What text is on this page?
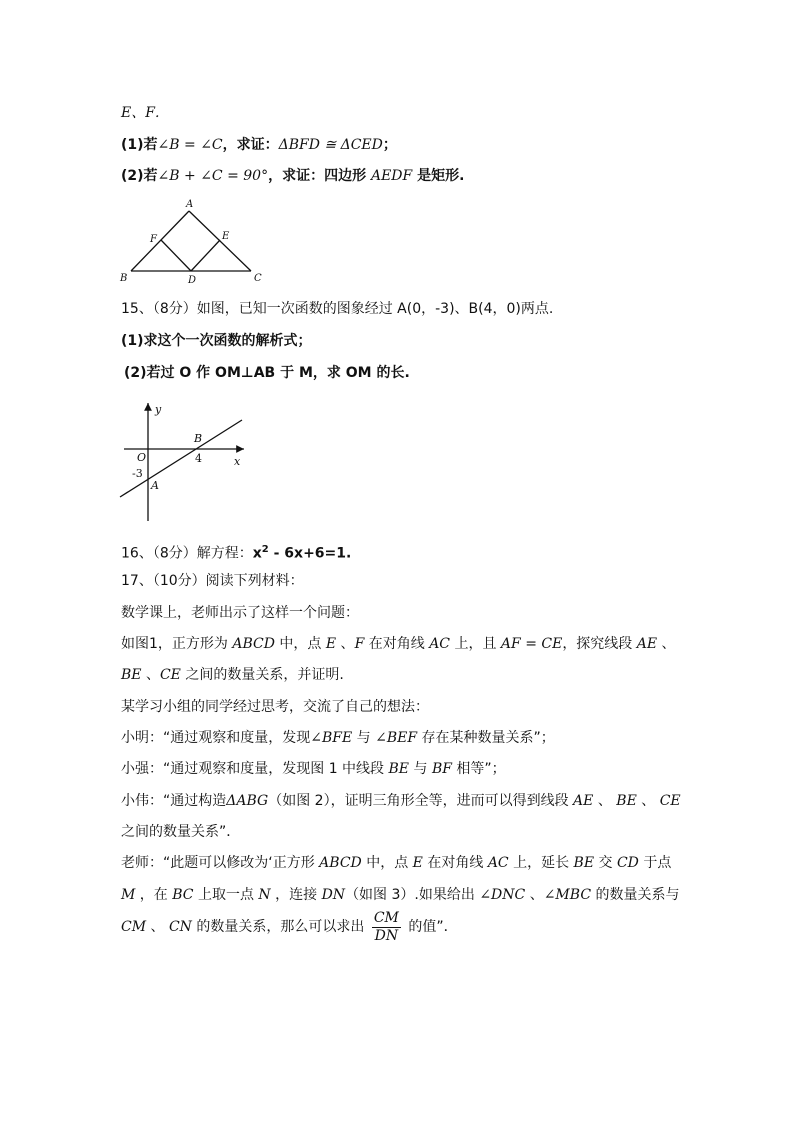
E、F．
(1)若∠B = ∠C，求证：ΔBFD ≅ ΔCED；
(2)若∠B + ∠C = 90°，求证：四边形 AEDF 是矩形.
A
F	E
B	D	C
15、（8分）如图，已知一次函数的图象经过 A(0，-3)、B(4，0)两点.
(1)求这个一次函数的解析式；
(2)若过 O 作 OM⊥AB 于 M，求 OM 的长.
y
x
O
B
4
-3
A
16、（8分）解方程：$x^2 - 6x+6=1$.
17、（10分）阅读下列材料：
数学课上，老师出示了这样一个问题：
如图1，正方形为 ABCD 中，点 E 、F 在对角线 AC 上，且 AF = CE，探究线段 AE 、
BE 、CE 之间的数量关系，并证明.
某学习小组的同学经过思考，交流了自己的想法：
小明：“通过观察和度量，发现∠BFE 与 ∠BEF 存在某种数量关系”；
小强：“通过观察和度量，发现图 1 中线段 BE 与 BF 相等”；
小伟：“通过构造ΔABG（如图 2），证明三角形全等，进而可以得到线段 AE 、 BE 、 CE
之间的数量关系”．
老师：“此题可以修改为‘正方形 ABCD 中，点 E 在对角线 AC 上，延长 BE 交 CD 于点
M ，在 BC 上取一点 N ，连接 DN（如图 3）.如果给出 ∠DNC 、∠MBC 的数量关系与
CM 、 CN 的数量关系，那么可以求出 $\frac{CM}{DN}$ 的值”．
